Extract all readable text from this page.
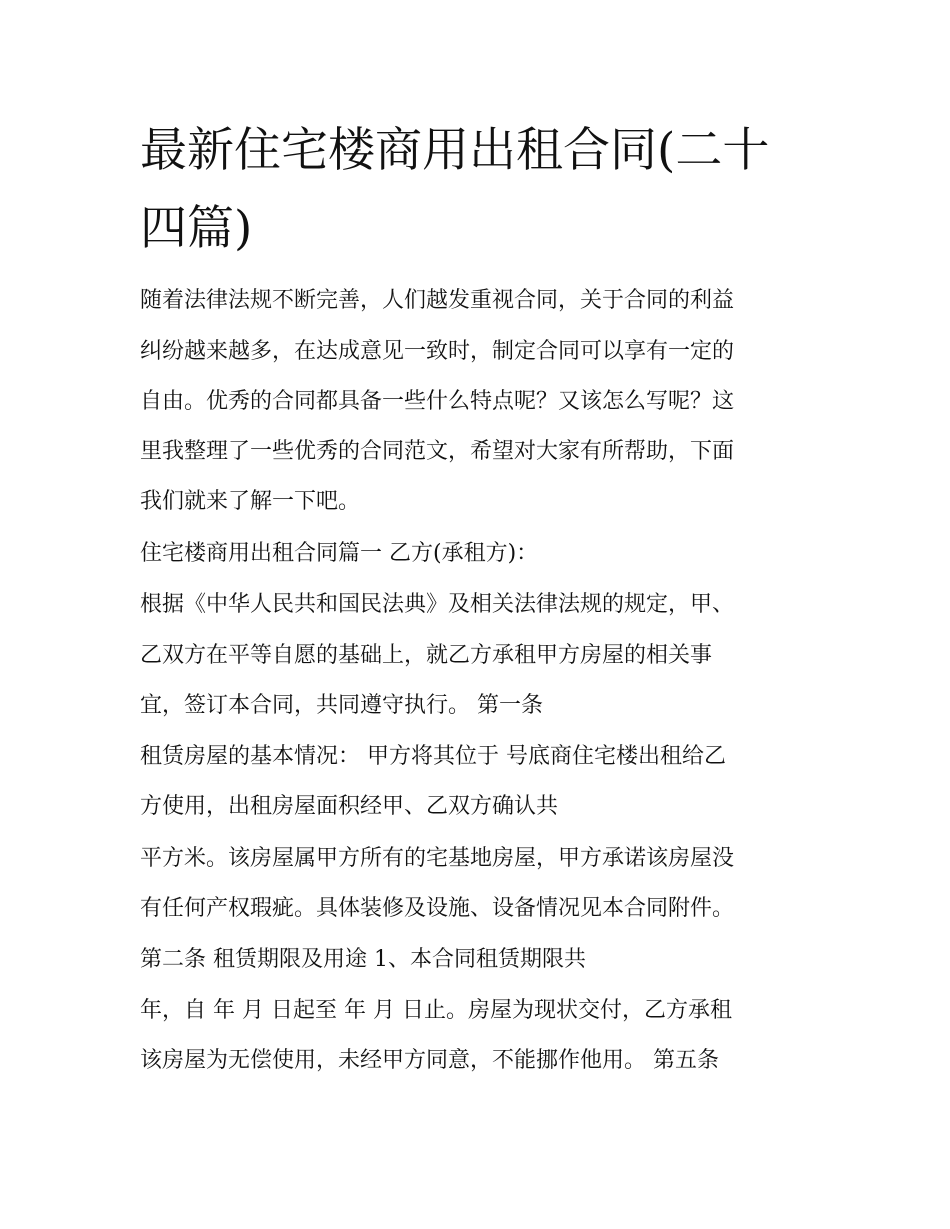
最新住宅楼商用出租合同(二十
四篇)

随着法律法规不断完善，人们越发重视合同，关于合同的利益

纠纷越来越多，在达成意见一致时，制定合同可以享有一定的

自由。优秀的合同都具备一些什么特点呢？又该怎么写呢？这

里我整理了一些优秀的合同范文，希望对大家有所帮助，下面

我们就来了解一下吧。

住宅楼商用出租合同篇一 乙方(承租方)：

根据《中华人民共和国民法典》及相关法律法规的规定，甲、

乙双方在平等自愿的基础上，就乙方承租甲方房屋的相关事

宜，签订本合同，共同遵守执行。 第一条

租赁房屋的基本情况： 甲方将其位于 号底商住宅楼出租给乙

方使用，出租房屋面积经甲、乙双方确认共

平方米。该房屋属甲方所有的宅基地房屋，甲方承诺该房屋没

有任何产权瑕疵。具体装修及设施、设备情况见本合同附件。

第二条 租赁期限及用途 1、本合同租赁期限共

年，自 年 月 日起至 年 月 日止。房屋为现状交付，乙方承租

该房屋为无偿使用，未经甲方同意，不能挪作他用。 第五条
